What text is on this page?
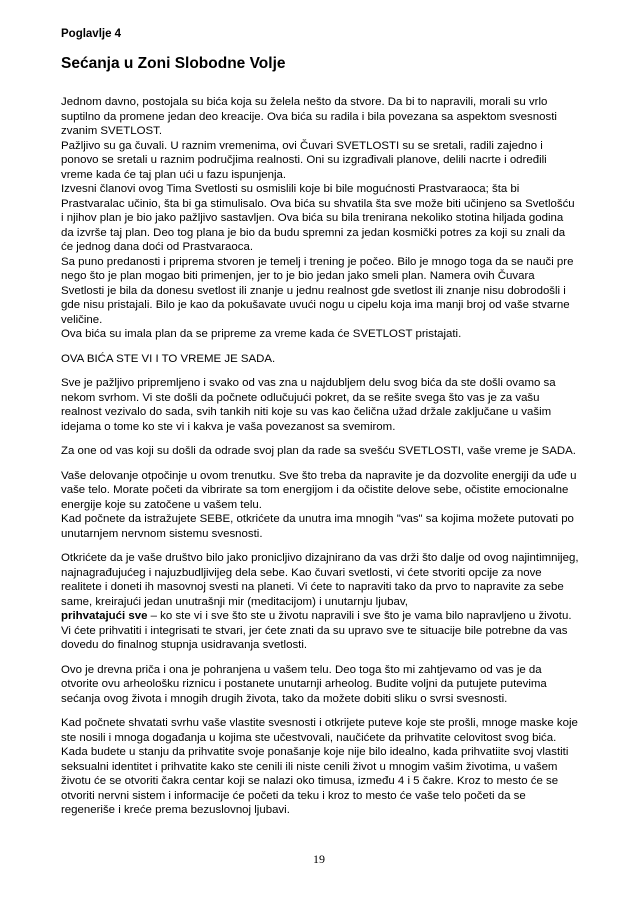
Poglavlje 4
Sećanja u Zoni Slobodne Volje
Jednom davno, postojala su bića koja su želela nešto da stvore. Da bi to napravili, morali su vrlo suptilno da promene jedan deo kreacije. Ova bića su radila i bila povezana sa aspektom svesnosti zvanim SVETLOST.
Pažljivo su ga čuvali. U raznim vremenima, ovi Čuvari SVETLOSTI su se sretali, radili zajedno i ponovo se sretali u raznim područjima realnosti. Oni su izgrađivali planove, delili nacrte i određili vreme kada će taj plan ući u fazu ispunjenja.
Izvesni članovi ovog Tima Svetlosti su osmislili koje bi bile mogućnosti Prastvaraoca; šta bi Prastvaralac učinio, šta bi ga stimulisalo. Ova bića su shvatila šta sve može biti učinjeno sa Svetlošću i njihov plan je bio jako pažljivo sastavljen. Ova bića su bila trenirana nekoliko stotina hiljada godina da izvrše taj plan. Deo tog plana je bio da budu spremni za jedan kosmički potres za koji su znali da će jednog dana doći od Prastvaraoca.
Sa puno predanosti i priprema stvoren je temelj i trening je počeo. Bilo je mnogo toga da se nauči pre nego što je plan mogao biti primenjen, jer to je bio jedan jako smeli plan. Namera ovih Čuvara Svetlosti je bila da donesu svetlost ili znanje u jednu realnost gde svetlost ili znanje nisu dobrodošli i gde nisu pristajali. Bilo je kao da pokušavate uvući nogu u cipelu koja ima manji broj od vaše stvarne veličine.
Ova bića su imala plan da se pripreme za vreme kada će SVETLOST pristajati.
OVA BIĆA STE VI I TO VREME JE SADA.
Sve je pažljivo pripremljeno i svako od vas zna u najdubljem delu svog bića da ste došli ovamo sa nekom svrhom. Vi ste došli da počnete odlučujući pokret, da se rešite svega što vas je za vašu realnost vezivalo do sada, svih tankih niti koje su vas kao čelična užad držale zaključane u vašim idejama o tome ko ste vi i kakva je vaša povezanost sa svemirom.
Za one od vas koji su došli da odrade svoj plan da rade sa svešću SVETLOSTI, vaše vreme je SADA.
Vaše delovanje otpočinje u ovom trenutku. Sve što treba da napravite je da dozvolite energiji da uđe u vaše telo. Morate početi da vibrirate sa tom energijom i da očistite delove sebe, očistite emocionalne energije koje su zatočene u vašem telu.
Kad počnete da istražujete SEBE, otkrićete da unutra ima mnogih "vas" sa kojima možete putovati po unutarnjem nervnom sistemu svesnosti.
Otkrićete da je vaše društvo bilo jako proniclјivo dizajnirano da vas drži što dalje od ovog najintimnijeg, najnagrađujućeg i najuzbudljivijeg dela sebe. Kao čuvari svetlosti, vi ćete stvoriti opcije za nove realitete i doneti ih masovnoj svesti na planeti. Vi ćete to napraviti tako da prvo to napravite za sebe same, kreirajući jedan unutrašnji mir (meditacijom) i unutarnju ljubav,
prihvatajući sve – ko ste vi i sve što ste u životu napravili i sve što je vama bilo napravljeno u životu. Vi ćete prihvatiti i integrisati te stvari, jer ćete znati da su upravo sve te situacije bile potrebne da vas dovedu do finalnog stupnja usidravanja svetlosti.
Ovo je drevna priča i ona je pohranjena u vašem telu. Deo toga što mi zahtjevamo od vas je da otvorite ovu arheološku riznicu i postanete unutarnji arheolog. Budite voljni da putujete putevima sećanja ovog života i mnogih drugih života, tako da možete dobiti sliku o svrsi svesnosti.
Kad počnete shvatati svrhu vaše vlastite svesnosti i otkrijete puteve koje ste prošli, mnoge maske koje ste nosili i mnoga događanja u kojima ste učestvovali, naučićete da prihvatite celovitost svog bića.
Kada budete u stanju da prihvatite svoje ponašanje koje nije bilo idealno, kada prihvatiite svoj vlastiti seksualni identitet i prihvatite kako ste cenili ili niste cenili život u mnogim vašim životima, u vašem životu će se otvoriti čakra centar koji se nalazi oko timusa, između 4 i 5 čakre. Kroz to mesto će se otvoriti nervni sistem i informacije će početi da teku i kroz to mesto će vaše telo početi da se regeneriše i kreće prema bezuslovnoj ljubavi.
19
